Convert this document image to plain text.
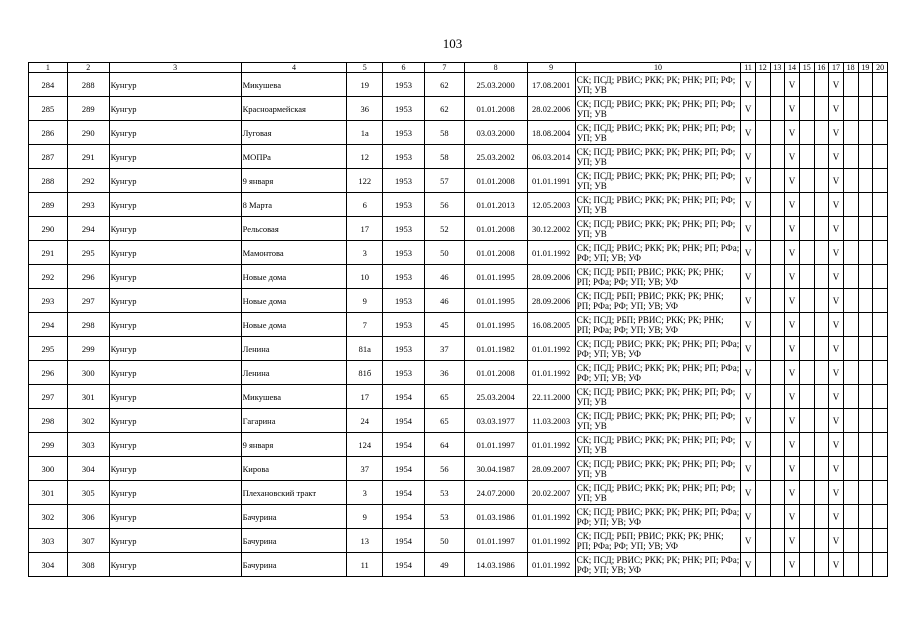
103
1	2	3	4	5	6	7	8	9	10	11	12	13	14	15	16	17	18	19	20
284	288	Кунгур	Микушева	19	1953	62	25.03.2000	17.08.2001	СК; ПСД; РВИС; РКК; РК; РНК; РП; РФ; УП; УВ	V			V			V			
285	289	Кунгур	Красноармейская	36	1953	62	01.01.2008	28.02.2006	СК; ПСД; РВИС; РКК; РК; РНК; РП; РФ; УП; УВ	V			V			V			
286	290	Кунгур	Луговая	1а	1953	58	03.03.2000	18.08.2004	СК; ПСД; РВИС; РКК; РК; РНК; РП; РФ; УП; УВ	V			V			V			
287	291	Кунгур	МОПРа	12	1953	58	25.03.2002	06.03.2014	СК; ПСД; РВИС; РКК; РК; РНК; РП; РФ; УП; УВ	V			V			V			
288	292	Кунгур	9 января	122	1953	57	01.01.2008	01.01.1991	СК; ПСД; РВИС; РКК; РК; РНК; РП; РФ; УП; УВ	V			V			V			
289	293	Кунгур	8 Марта	6	1953	56	01.01.2013	12.05.2003	СК; ПСД; РВИС; РКК; РК; РНК; РП; РФ; УП; УВ	V			V			V			
290	294	Кунгур	Рельсовая	17	1953	52	01.01.2008	30.12.2002	СК; ПСД; РВИС; РКК; РК; РНК; РП; РФ; УП; УВ	V			V			V			
291	295	Кунгур	Мамонтова	3	1953	50	01.01.2008	01.01.1992	СК; ПСД; РВИС; РКК; РК; РНК; РП; РФа; РФ; УП; УВ; УФ	V			V			V			
292	296	Кунгур	Новые дома	10	1953	46	01.01.1995	28.09.2006	СК; ПСД; РБП; РВИС; РКК; РК; РНК; РП; РФа; РФ; УП; УВ; УФ	V			V			V			
293	297	Кунгур	Новые дома	9	1953	46	01.01.1995	28.09.2006	СК; ПСД; РБП; РВИС; РКК; РК; РНК; РП; РФа; РФ; УП; УВ; УФ	V			V			V			
294	298	Кунгур	Новые дома	7	1953	45	01.01.1995	16.08.2005	СК; ПСД; РБП; РВИС; РКК; РК; РНК; РП; РФа; РФ; УП; УВ; УФ	V			V			V			
295	299	Кунгур	Ленина	81а	1953	37	01.01.1982	01.01.1992	СК; ПСД; РВИС; РКК; РК; РНК; РП; РФа; РФ; УП; УВ; УФ	V			V			V			
296	300	Кунгур	Ленина	81б	1953	36	01.01.2008	01.01.1992	СК; ПСД; РВИС; РКК; РК; РНК; РП; РФа; РФ; УП; УВ; УФ	V			V			V			
297	301	Кунгур	Микушева	17	1954	65	25.03.2004	22.11.2000	СК; ПСД; РВИС; РКК; РК; РНК; РП; РФ; УП; УВ	V			V			V			
298	302	Кунгур	Гагарина	24	1954	65	03.03.1977	11.03.2003	СК; ПСД; РВИС; РКК; РК; РНК; РП; РФ; УП; УВ	V			V			V			
299	303	Кунгур	9 января	124	1954	64	01.01.1997	01.01.1992	СК; ПСД; РВИС; РКК; РК; РНК; РП; РФ; УП; УВ	V			V			V			
300	304	Кунгур	Кирова	37	1954	56	30.04.1987	28.09.2007	СК; ПСД; РВИС; РКК; РК; РНК; РП; РФ; УП; УВ	V			V			V			
301	305	Кунгур	Плехановский тракт	3	1954	53	24.07.2000	20.02.2007	СК; ПСД; РВИС; РКК; РК; РНК; РП; РФ; УП; УВ	V			V			V			
302	306	Кунгур	Бачурина	9	1954	53	01.03.1986	01.01.1992	СК; ПСД; РВИС; РКК; РК; РНК; РП; РФа; РФ; УП; УВ; УФ	V			V			V			
303	307	Кунгур	Бачурина	13	1954	50	01.01.1997	01.01.1992	СК; ПСД; РБП; РВИС; РКК; РК; РНК; РП; РФа; РФ; УП; УВ; УФ	V			V			V			
304	308	Кунгур	Бачурина	11	1954	49	14.03.1986	01.01.1992	СК; ПСД; РВИС; РКК; РК; РНК; РП; РФа; РФ; УП; УВ; УФ	V			V			V			
